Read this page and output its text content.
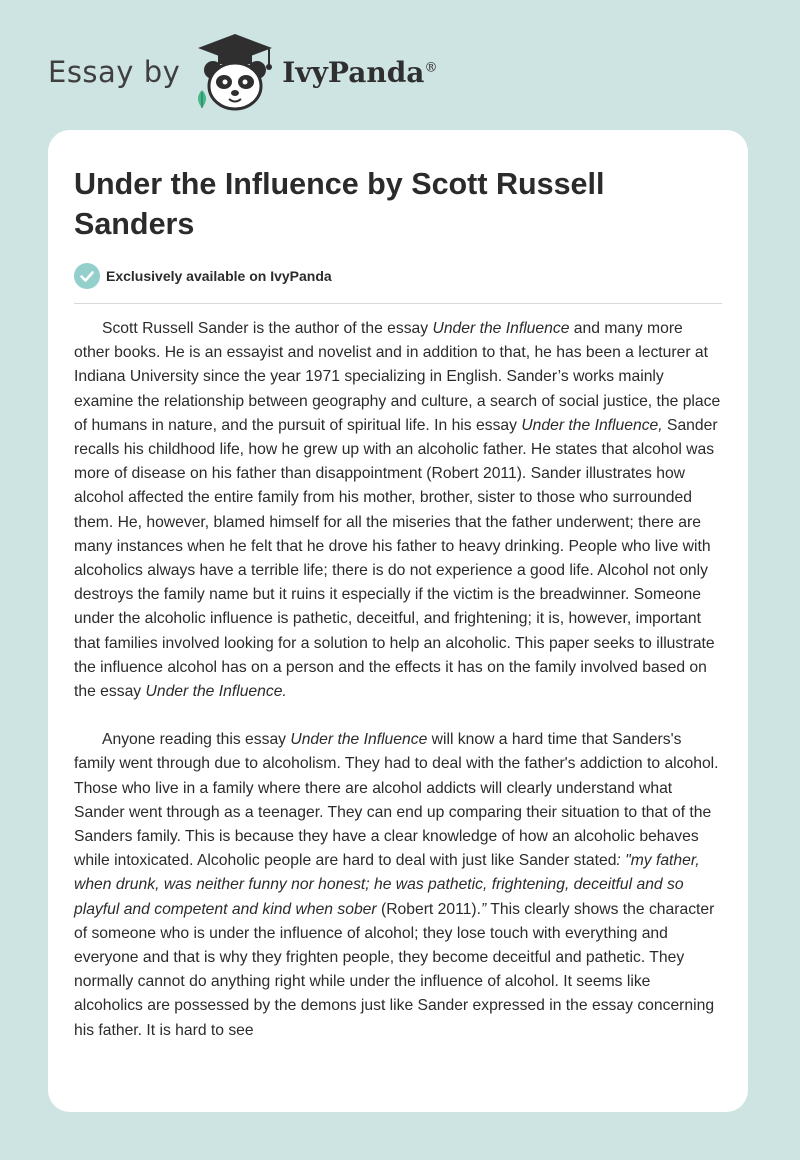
Essay by	IvyPanda®
Under the Influence by Scott Russell Sanders
Exclusively available on IvyPanda

Scott Russell Sander is the author of the essay Under the Influence and many more other books. He is an essayist and novelist and in addition to that, he has been a lecturer at Indiana University since the year 1971 specializing in English. Sander’s works mainly examine the relationship between geography and culture, a search of social justice, the place of humans in nature, and the pursuit of spiritual life. In his essay Under the Influence, Sander recalls his childhood life, how he grew up with an alcoholic father. He states that alcohol was more of disease on his father than disappointment (Robert 2011). Sander illustrates how alcohol affected the entire family from his mother, brother, sister to those who surrounded them. He, however, blamed himself for all the miseries that the father underwent; there are many instances when he felt that he drove his father to heavy drinking. People who live with alcoholics always have a terrible life; there is do not experience a good life. Alcohol not only destroys the family name but it ruins it especially if the victim is the breadwinner. Someone under the alcoholic influence is pathetic, deceitful, and frightening; it is, however, important that families involved looking for a solution to help an alcoholic. This paper seeks to illustrate the influence alcohol has on a person and the effects it has on the family involved based on the essay Under the Influence.

Anyone reading this essay Under the Influence will know a hard time that Sanders's family went through due to alcoholism. They had to deal with the father's addiction to alcohol. Those who live in a family where there are alcohol addicts will clearly understand what Sander went through as a teenager. They can end up comparing their situation to that of the Sanders family. This is because they have a clear knowledge of how an alcoholic behaves while intoxicated. Alcoholic people are hard to deal with just like Sander stated: "my father, when drunk, was neither funny nor honest; he was pathetic, frightening, deceitful and so playful and competent and kind when sober (Robert 2011).” This clearly shows the character of someone who is under the influence of alcohol; they lose touch with everything and everyone and that is why they frighten people, they become deceitful and pathetic. They normally cannot do anything right while under the influence of alcohol. It seems like alcoholics are possessed by the demons just like Sander expressed in the essay concerning his father. It is hard to see
